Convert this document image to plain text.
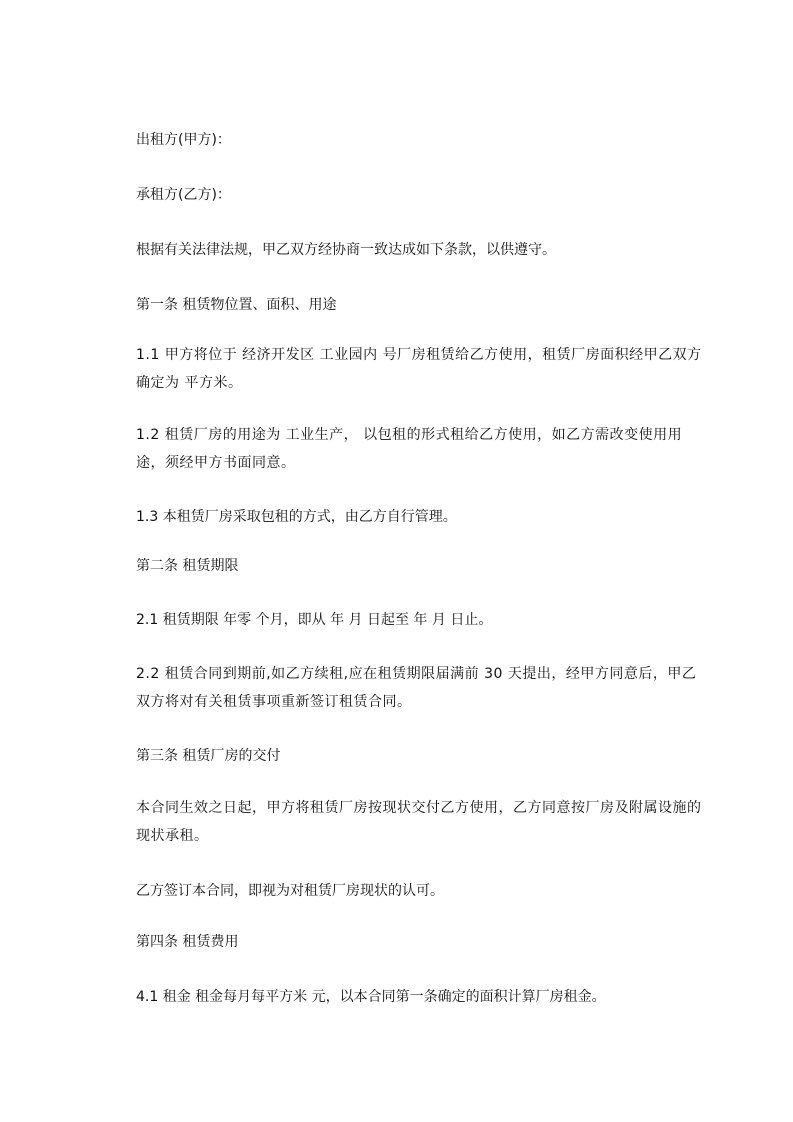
出租方(甲方)：

承租方(乙方)：

根据有关法律法规，甲乙双方经协商一致达成如下条款，以供遵守。

第一条 租赁物位置、面积、用途

1.1 甲方将位于 经济开发区 工业园内 号厂房租赁给乙方使用，租赁厂房面积经甲乙双方确定为 平方米。

1.2 租赁厂房的用途为 工业生产， 以包租的形式租给乙方使用，如乙方需改变使用用途，须经甲方书面同意。

1.3 本租赁厂房采取包租的方式，由乙方自行管理。

第二条 租赁期限

2.1 租赁期限 年零 个月，即从 年 月 日起至 年 月 日止。

2.2 租赁合同到期前,如乙方续租,应在租赁期限届满前 30 天提出，经甲方同意后，甲乙双方将对有关租赁事项重新签订租赁合同。

第三条 租赁厂房的交付

本合同生效之日起，甲方将租赁厂房按现状交付乙方使用，乙方同意按厂房及附属设施的现状承租。

乙方签订本合同，即视为对租赁厂房现状的认可。

第四条 租赁费用

4.1 租金 租金每月每平方米 元，以本合同第一条确定的面积计算厂房租金。
